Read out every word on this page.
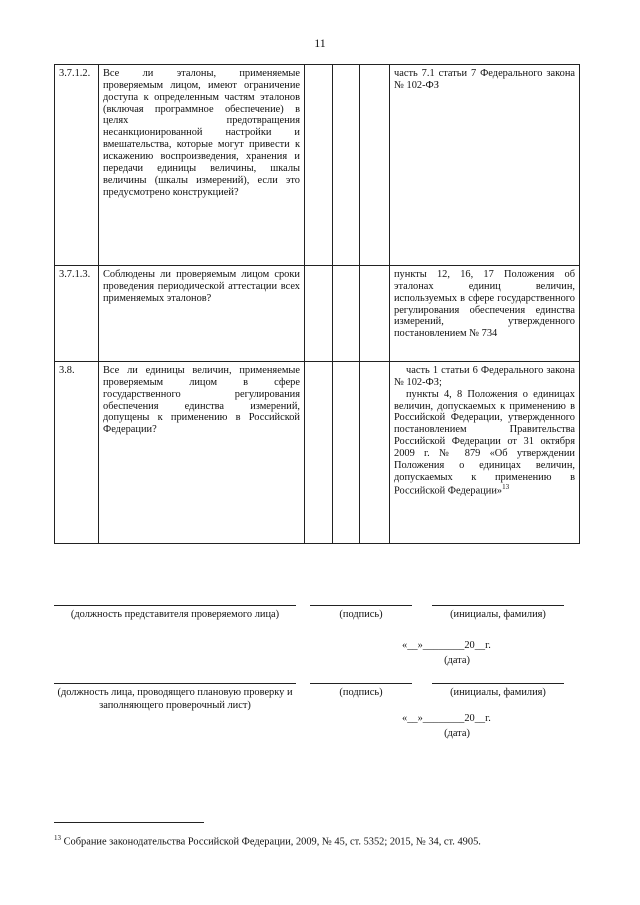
11
3.7.1.2.	Все ли эталоны, применяемые проверяемым лицом, имеют ограничение доступа к определенным частям эталонов (включая программное обеспечение) в целях предотвращения несанкционированной настройки и вмешательства, которые могут привести к искажению воспроизведения, хранения и передачи единицы величины, шкалы величины (шкалы измерений), если это предусмотрено конструкцией?				часть 7.1 статьи 7 Федерального закона № 102-ФЗ

3.7.1.3.	Соблюдены ли проверяемым лицом сроки проведения периодической аттестации всех применяемых эталонов?				пункты 12, 16, 17 Положения об эталонах единиц величин, используемых в сфере государственного регулирования обеспечения единства измерений, утвержденного постановлением № 734

3.8.	Все ли единицы величин, применяемые проверяемым лицом в сфере государственного регулирования обеспечения единства измерений, допущены к применению в Российской Федерации?				часть 1 статьи 6 Федерального закона № 102-ФЗ;

пункты 4, 8 Положения о единицах величин, допускаемых к применению в Российской Федерации, утвержденного постановлением Правительства Российской Федерации от 31 октября 2009 г. № 879 «Об утверждении Положения о единицах величин, допускаемых к применению в Российской Федерации»$^{13}$

(должность представителя проверяемого лица)	(подпись)	(инициалы, фамилия)
«__»________20__г.
(дата)
(должность лица, проводящего плановую проверку и заполняющего проверочный лист)
(подпись)	(инициалы, фамилия)
«__»________20__г.
(дата)
$^{13}$ Собрание законодательства Российской Федерации, 2009, № 45, ст. 5352; 2015, № 34, ст. 4905.
